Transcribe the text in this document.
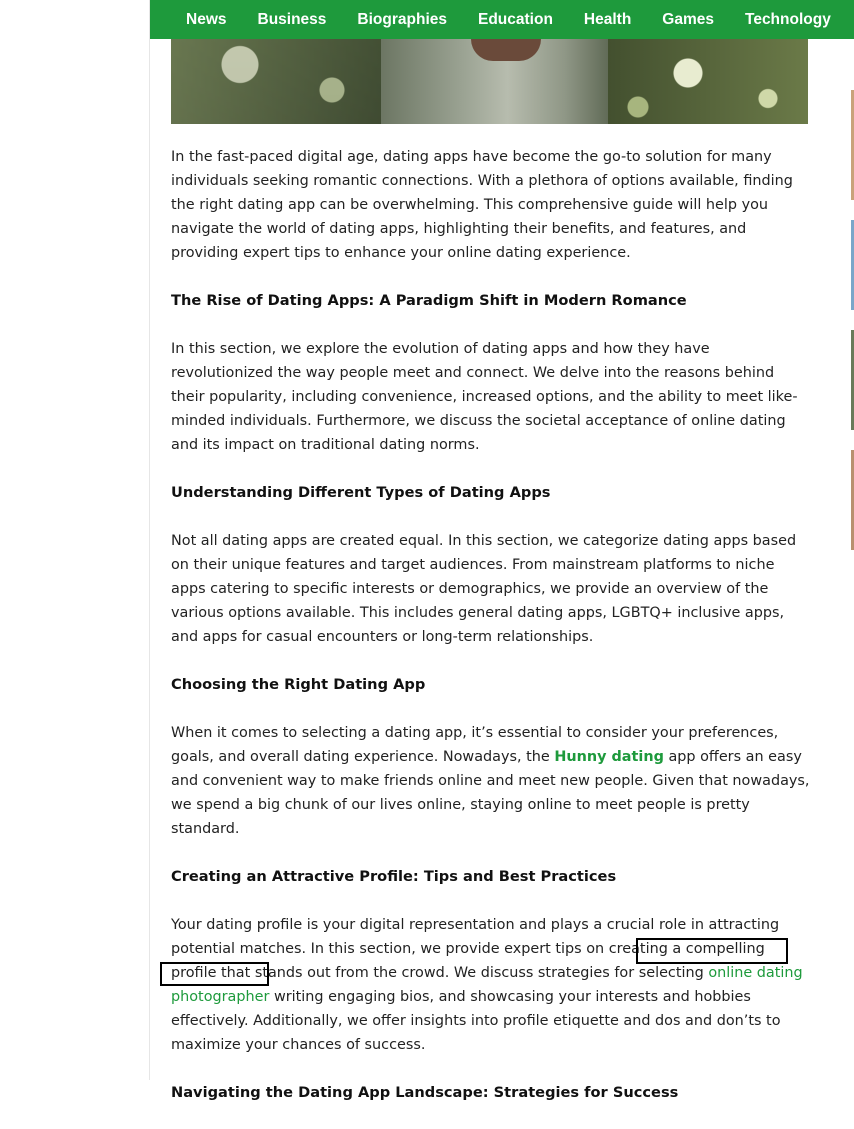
News Business Biographies Education Health Games Technology

In the fast-paced digital age, dating apps have become the go-to solution for many individuals seeking romantic connections. With a plethora of options available, finding the right dating app can be overwhelming. This comprehensive guide will help you navigate the world of dating apps, highlighting their benefits, and features, and providing expert tips to enhance your online dating experience.

The Rise of Dating Apps: A Paradigm Shift in Modern Romance

In this section, we explore the evolution of dating apps and how they have revolutionized the way people meet and connect. We delve into the reasons behind their popularity, including convenience, increased options, and the ability to meet like-minded individuals. Furthermore, we discuss the societal acceptance of online dating and its impact on traditional dating norms.

Understanding Different Types of Dating Apps

Not all dating apps are created equal. In this section, we categorize dating apps based on their unique features and target audiences. From mainstream platforms to niche apps catering to specific interests or demographics, we provide an overview of the various options available. This includes general dating apps, LGBTQ+ inclusive apps, and apps for casual encounters or long-term relationships.

Choosing the Right Dating App

When it comes to selecting a dating app, it’s essential to consider your preferences, goals, and overall dating experience. Nowadays, the Hunny dating app offers an easy and convenient way to make friends online and meet new people. Given that nowadays, we spend a big chunk of our lives online, staying online to meet people is pretty standard.

Creating an Attractive Profile: Tips and Best Practices

Your dating profile is your digital representation and plays a crucial role in attracting potential matches. In this section, we provide expert tips on creating a compelling profile that stands out from the crowd. We discuss strategies for selecting online dating photographer writing engaging bios, and showcasing your interests and hobbies effectively. Additionally, we offer insights into profile etiquette and dos and don’ts to maximize your chances of success.

Navigating the Dating App Landscape: Strategies for Success
